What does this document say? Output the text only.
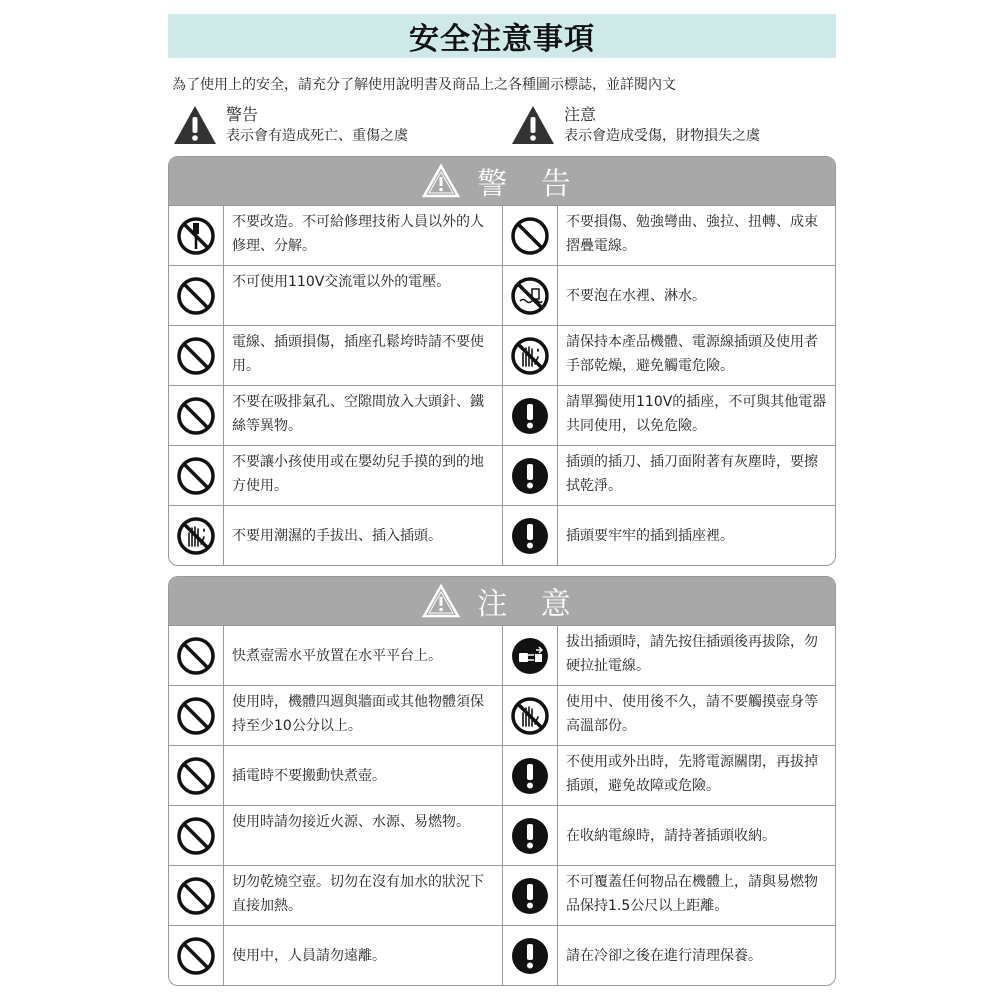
安全注意事項
為了使用上的安全，請充分了解使用說明書及商品上之各種圖示標誌，並詳閱內文
警告
表示會有造成死亡、重傷之虞
注意
表示會造成受傷，財物損失之虞
警 告
不要改造。不可給修理技術人員以外的人修理、分解。
不要損傷、勉強彎曲、強拉、扭轉、成束摺疊電線。
不可使用110V交流電以外的電壓。
不要泡在水裡、淋水。
電線、插頭損傷，插座孔鬆垮時請不要使用。
請保持本產品機體、電源線插頭及使用者手部乾燥，避免觸電危險。
不要在吸排氣孔、空隙間放入大頭針、鐵絲等異物。
請單獨使用110V的插座，不可與其他電器共同使用，以免危險。
不要讓小孩使用或在嬰幼兒手摸的到的地方使用。
插頭的插刀、插刀面附著有灰塵時，要擦拭乾淨。
不要用潮濕的手拔出、插入插頭。	插頭要牢牢的插到插座裡。
注 意
快煮壺需水平放置在水平平台上。
拔出插頭時，請先按住插頭後再拔除，勿硬拉扯電線。
使用時，機體四週與牆面或其他物體須保持至少10公分以上。
使用中、使用後不久，請不要觸摸壺身等高溫部份。
插電時不要搬動快煮壺。
不使用或外出時，先將電源關閉，再拔掉插頭，避免故障或危險。
使用時請勿接近火源、水源、易燃物。
在收納電線時，請持著插頭收納。
切勿乾燒空壺。切勿在沒有加水的狀況下直接加熱。
不可覆蓋任何物品在機體上，請與易燃物品保持1.5公尺以上距離。
使用中，人員請勿遠離。	請在冷卻之後在進行清理保養。
